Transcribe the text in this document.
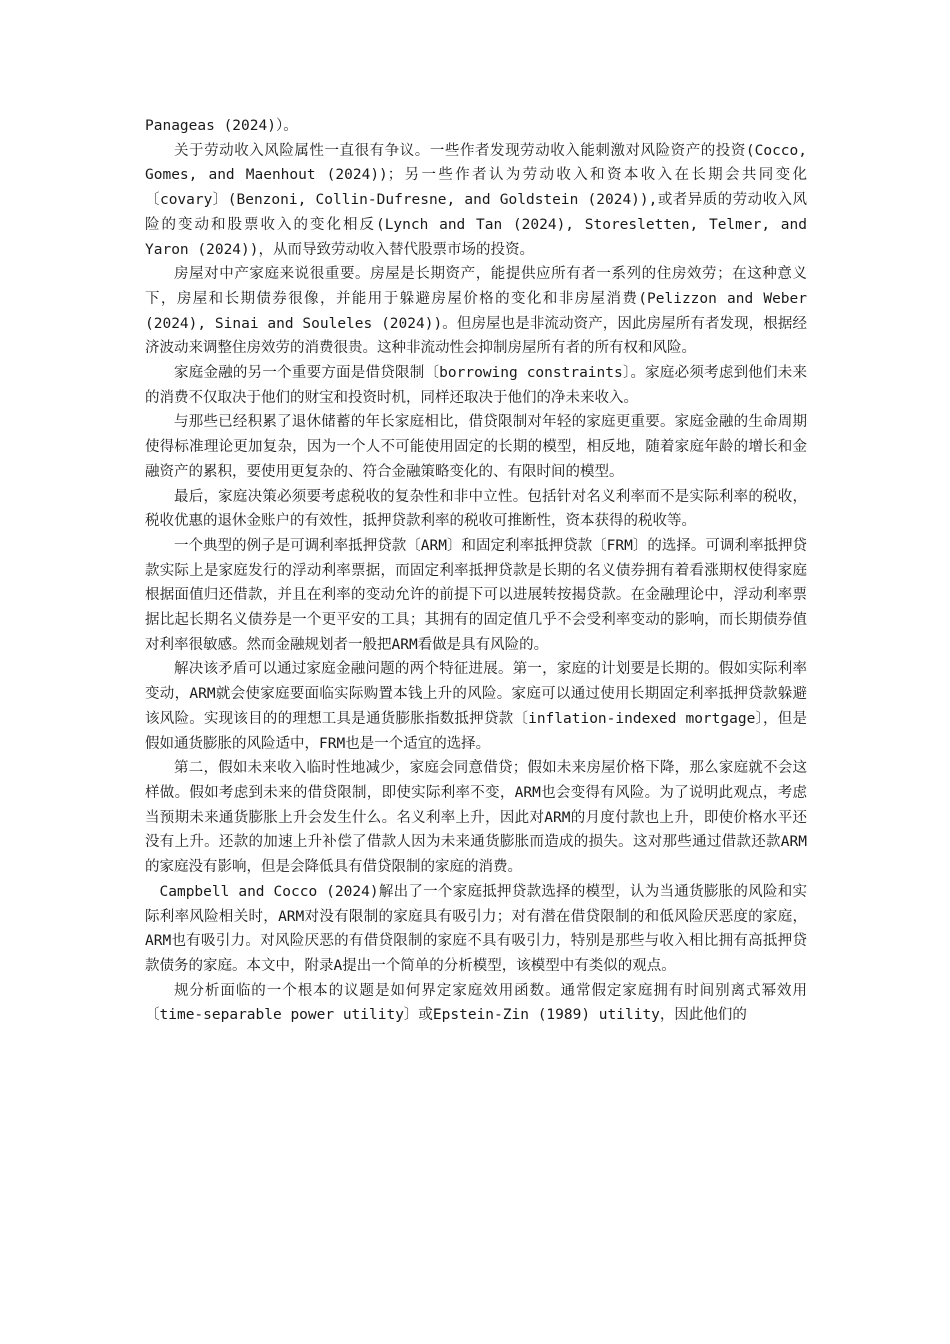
Panageas (2024)）。

关于劳动收入风险属性一直很有争议。一些作者发现劳动收入能刺激对风险资产的投资(Cocco, Gomes, and Maenhout (2024))；另一些作者认为劳动收入和资本收入在长期会共同变化〔covary〕(Benzoni, Collin-Dufresne, and Goldstein (2024)),或者异质的劳动收入风险的变动和股票收入的变化相反(Lynch and Tan (2024), Storesletten, Telmer, and Yaron (2024))，从而导致劳动收入替代股票市场的投资。

房屋对中产家庭来说很重要。房屋是长期资产，能提供应所有者一系列的住房效劳；在这种意义下，房屋和长期债券很像，并能用于躲避房屋价格的变化和非房屋消费(Pelizzon and Weber (2024), Sinai and Souleles (2024))。但房屋也是非流动资产，因此房屋所有者发现，根据经济波动来调整住房效劳的消费很贵。这种非流动性会抑制房屋所有者的所有权和风险。

家庭金融的另一个重要方面是借贷限制〔borrowing constraints〕。家庭必须考虑到他们未来的消费不仅取决于他们的财宝和投资时机，同样还取决于他们的净未来收入。

与那些已经积累了退休储蓄的年长家庭相比，借贷限制对年轻的家庭更重要。家庭金融的生命周期使得标准理论更加复杂，因为一个人不可能使用固定的长期的模型，相反地，随着家庭年龄的增长和金融资产的累积，要使用更复杂的、符合金融策略变化的、有限时间的模型。

最后，家庭决策必须要考虑税收的复杂性和非中立性。包括针对名义利率而不是实际利率的税收，税收优惠的退休金账户的有效性，抵押贷款利率的税收可推断性，资本获得的税收等。

一个典型的例子是可调利率抵押贷款〔ARM〕和固定利率抵押贷款〔FRM〕的选择。可调利率抵押贷款实际上是家庭发行的浮动利率票据，而固定利率抵押贷款是长期的名义债券拥有着看涨期权使得家庭根据面值归还借款，并且在利率的变动允许的前提下可以进展转按揭贷款。在金融理论中，浮动利率票据比起长期名义债券是一个更平安的工具；其拥有的固定值几乎不会受利率变动的影响，而长期债券值对利率很敏感。然而金融规划者一般把ARM看做是具有风险的。

解决该矛盾可以通过家庭金融问题的两个特征进展。第一，家庭的计划要是长期的。假如实际利率变动，ARM就会使家庭要面临实际购置本钱上升的风险。家庭可以通过使用长期固定利率抵押贷款躲避该风险。实现该目的的理想工具是通货膨胀指数抵押贷款〔inflation-indexed mortgage〕，但是假如通货膨胀的风险适中，FRM也是一个适宜的选择。

第二，假如未来收入临时性地减少，家庭会同意借贷；假如未来房屋价格下降，那么家庭就不会这样做。假如考虑到未来的借贷限制，即使实际利率不变，ARM也会变得有风险。为了说明此观点，考虑当预期未来通货膨胀上升会发生什么。名义利率上升，因此对ARM的月度付款也上升，即使价格水平还没有上升。还款的加速上升补偿了借款人因为未来通货膨胀而造成的损失。这对那些通过借款还款ARM的家庭没有影响，但是会降低具有借贷限制的家庭的消费。

Campbell and Cocco (2024)解出了一个家庭抵押贷款选择的模型，认为当通货膨胀的风险和实际利率风险相关时，ARM对没有限制的家庭具有吸引力；对有潜在借贷限制的和低风险厌恶度的家庭，ARM也有吸引力。对风险厌恶的有借贷限制的家庭不具有吸引力，特别是那些与收入相比拥有高抵押贷款债务的家庭。本文中，附录A提出一个简单的分析模型，该模型中有类似的观点。

规分析面临的一个根本的议题是如何界定家庭效用函数。通常假定家庭拥有时间别离式幂效用〔time-separable power utility〕或Epstein-Zin (1989) utility，因此他们的
